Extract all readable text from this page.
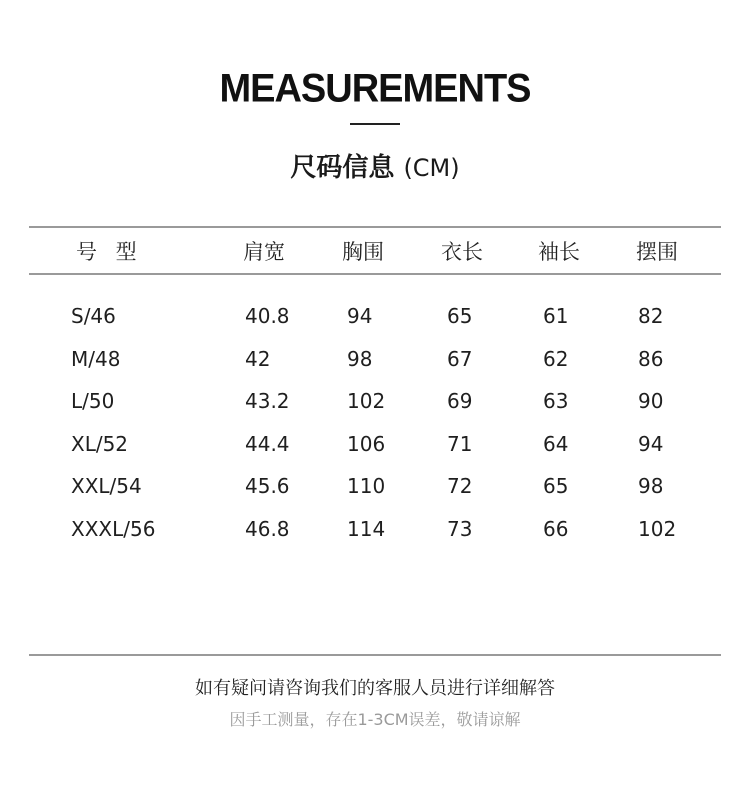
MEASUREMENTS
尺码信息 (CM)
号 型	肩宽	胸围	衣长	袖长	摆围
S/46	40.8	94	65	61	82
M/48	42	98	67	62	86
L/50	43.2	102	69	63	90
XL/52	44.4	106	71	64	94
XXL/54	45.6	110	72	65	98
XXXL/56	46.8	114	73	66	102
如有疑问请咨询我们的客服人员进行详细解答
因手工测量，存在1-3CM误差，敬请谅解
